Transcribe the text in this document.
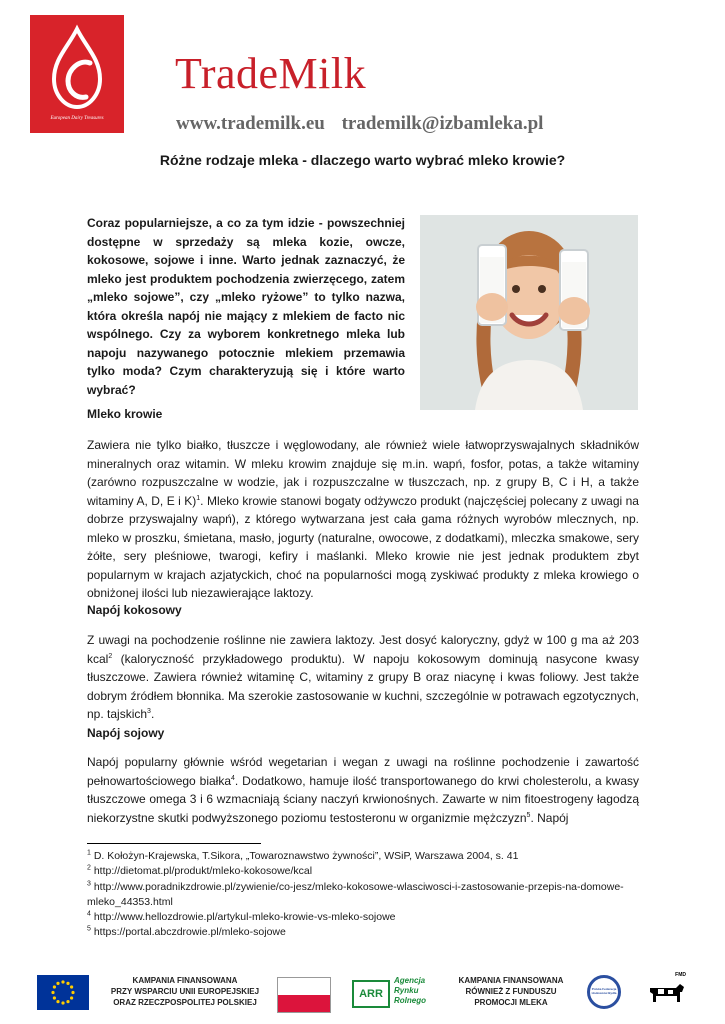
European Dairy Treasures
TradeMilk
www.trademilk.eu trademilk@izbamleka.pl
Różne rodzaje mleka - dlaczego warto wybrać mleko krowie?
Coraz popularniejsze, a co za tym idzie - powszechniej dostępne w sprzedaży są mleka kozie, owcze, kokosowe, sojowe i inne. Warto jednak zaznaczyć, że mleko jest produktem pochodzenia zwierzęcego, zatem „mleko sojowe”, czy „mleko ryżowe” to tylko nazwa, która określa napój nie mający z mlekiem de facto nic wspólnego. Czy za wyborem konkretnego mleka lub napoju nazywanego potocznie mlekiem przemawia tylko moda? Czym charakteryzują się i które warto wybrać?
Mleko krowie

Zawiera nie tylko białko, tłuszcze i węglowodany, ale również wiele łatwoprzyswajalnych składników mineralnych oraz witamin. W mleku krowim znajduje się m.in. wapń, fosfor, potas, a także witaminy (zarówno rozpuszczalne w wodzie, jak i rozpuszczalne w tłuszczach, np. z grupy B, C i H, a także witaminy A, D, E i K)$^1$. Mleko krowie stanowi bogaty odżywczo produkt (najczęściej polecany z uwagi na dobrze przyswajalny wapń), z którego wytwarzana jest cała gama różnych wyrobów mlecznych, np. mleko w proszku, śmietana, masło, jogurty (naturalne, owocowe, z dodatkami), mleczka smakowe, sery żółte, sery pleśniowe, twarogi, kefiry i maślanki. Mleko krowie nie jest jednak produktem zbyt popularnym w krajach azjatyckich, choć na popularności mogą zyskiwać produkty z mleka krowiego o obniżonej ilości lub niezawierające laktozy.

Napój kokosowy

Z uwagi na pochodzenie roślinne nie zawiera laktozy. Jest dosyć kaloryczny, gdyż w 100 g ma aż 203 kcal$^2$ (kaloryczność przykładowego produktu). W napoju kokosowym dominują nasycone kwasy tłuszczowe. Zawiera również witaminę C, witaminy z grupy B oraz niacynę i kwas foliowy. Jest także dobrym źródłem błonnika. Ma szerokie zastosowanie w kuchni, szczególnie w potrawach egzotycznych, np. tajskich$^3$.

Napój sojowy

Napój popularny głównie wśród wegetarian i wegan z uwagi na roślinne pochodzenie i zawartość pełnowartościowego białka$^4$. Dodatkowo, hamuje ilość transportowanego do krwi cholesterolu, a kwasy tłuszczowe omega 3 i 6 wzmacniają ściany naczyń krwionośnych. Zawarte w nim fitoestrogeny łagodzą niekorzystne skutki podwyższonego poziomu testosteronu w organizmie mężczyzn$^5$. Napój

$^1$ D. Kołożyn-Krajewska, T.Sikora, „Towaroznawstwo żywności”, WSiP, Warszawa 2004, s. 41
$^2$ http://dietomat.pl/produkt/mleko-kokosowe/kcal
$^3$ http://www.poradnikzdrowie.pl/zywienie/co-jesz/mleko-kokosowe-wlasciwosci-i-zastosowanie-przepis-na-domowe-mleko_44353.html
$^4$ http://www.hellozdrowie.pl/artykul-mleko-krowie-vs-mleko-sojowe
$^5$ https://portal.abczdrowie.pl/mleko-sojowe
KAMPANIA FINANSOWANA
PRZY WSPARCIU UNII EUROPEJSKIEJ
ORAZ RZECZPOSPOLITEJ POLSKIEJ
ARR
Agencja
Rynku
Rolnego
KAMPANIA FINANSOWANA
RÓWNIEŻ Z FUNDUSZU
PROMOCJI MLEKA
Polska Federacja Hodowców Bydła
FMD
